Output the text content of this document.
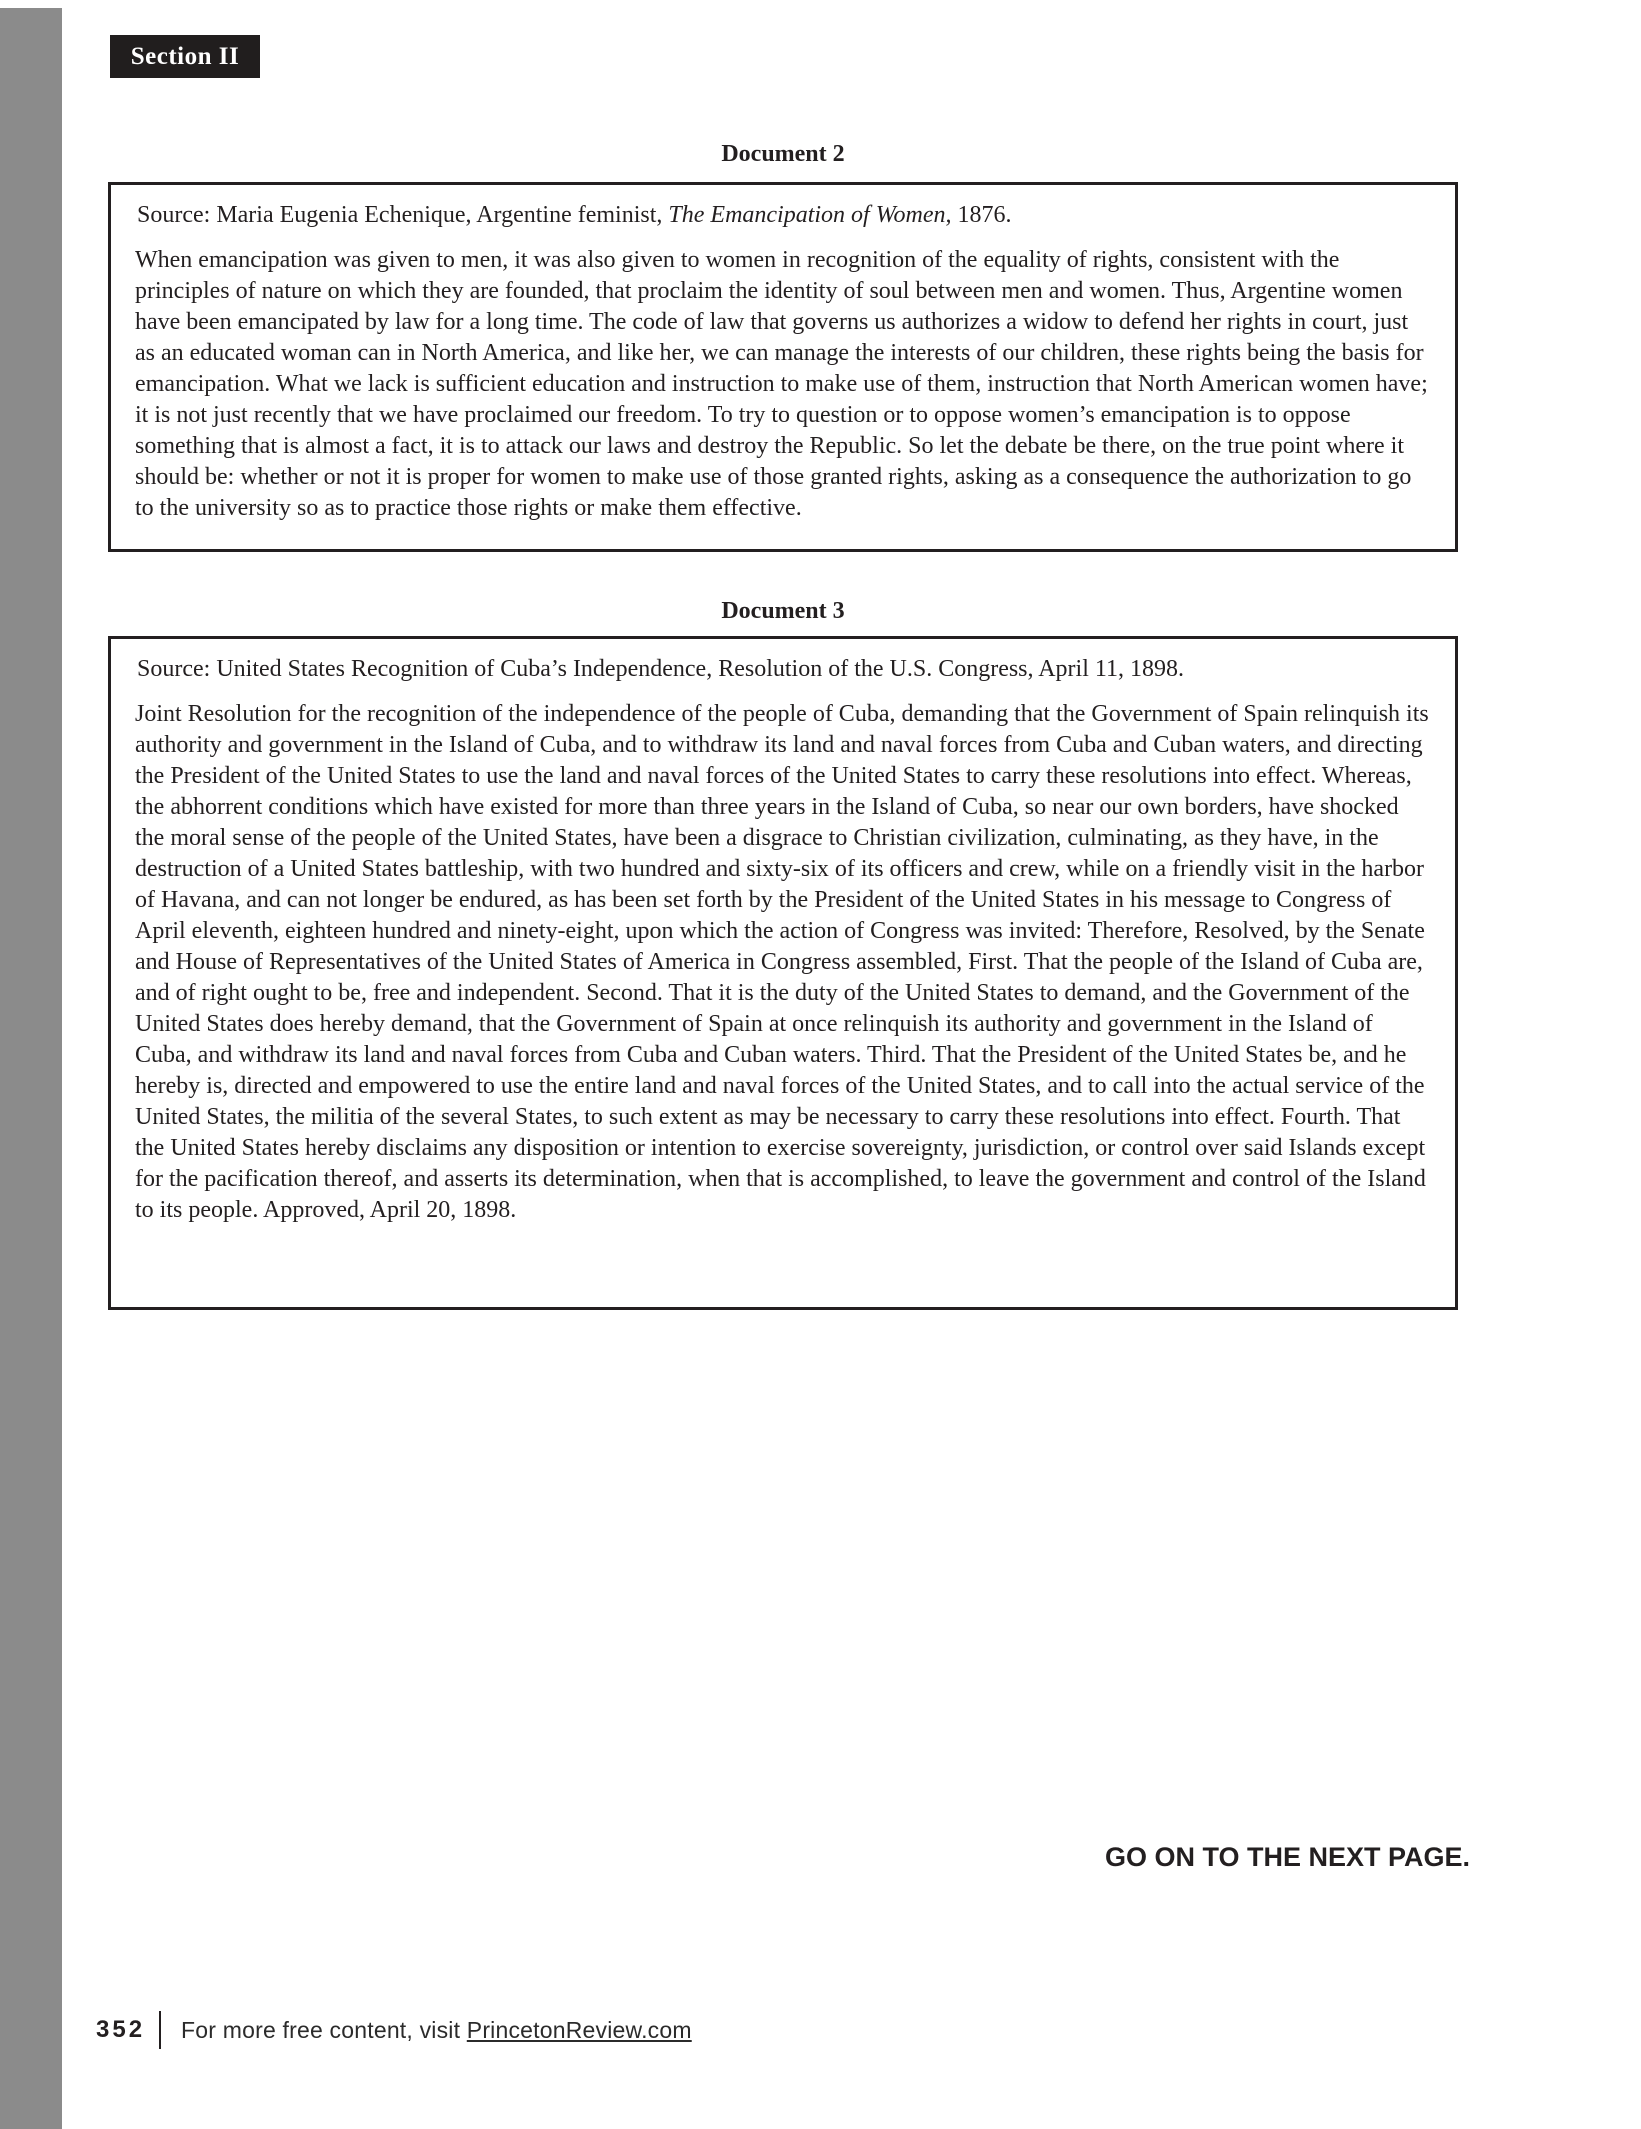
Section II
Document 2

Source: Maria Eugenia Echenique, Argentine feminist, The Emancipation of Women, 1876.

When emancipation was given to men, it was also given to women in recognition of the equality of rights, consistent with the principles of nature on which they are founded, that proclaim the identity of soul between men and women. Thus, Argentine women have been emancipated by law for a long time. The code of law that governs us authorizes a widow to defend her rights in court, just as an educated woman can in North America, and like her, we can manage the interests of our children, these rights being the basis for emancipation. What we lack is sufficient education and instruction to make use of them, instruction that North American women have; it is not just recently that we have proclaimed our freedom. To try to question or to oppose women’s emancipation is to oppose something that is almost a fact, it is to attack our laws and destroy the Republic. So let the debate be there, on the true point where it should be: whether or not it is proper for women to make use of those granted rights, asking as a consequence the authorization to go to the university so as to practice those rights or make them effective.

Document 3

Source: United States Recognition of Cuba’s Independence, Resolution of the U.S. Congress, April 11, 1898.

Joint Resolution for the recognition of the independence of the people of Cuba, demanding that the Government of Spain relinquish its authority and government in the Island of Cuba, and to withdraw its land and naval forces from Cuba and Cuban waters, and directing the President of the United States to use the land and naval forces of the United States to carry these resolutions into effect. Whereas, the abhorrent conditions which have existed for more than three years in the Island of Cuba, so near our own borders, have shocked the moral sense of the people of the United States, have been a disgrace to Christian civilization, culminating, as they have, in the destruction of a United States battleship, with two hundred and sixty-six of its officers and crew, while on a friendly visit in the harbor of Havana, and can not longer be endured, as has been set forth by the President of the United States in his message to Congress of April eleventh, eighteen hundred and ninety-eight, upon which the action of Congress was invited: Therefore, Resolved, by the Senate and House of Representatives of the United States of America in Congress assembled, First. That the people of the Island of Cuba are, and of right ought to be, free and independent. Second. That it is the duty of the United States to demand, and the Government of the United States does hereby demand, that the Government of Spain at once relinquish its authority and government in the Island of Cuba, and withdraw its land and naval forces from Cuba and Cuban waters. Third. That the President of the United States be, and he hereby is, directed and empowered to use the entire land and naval forces of the United States, and to call into the actual service of the United States, the militia of the several States, to such extent as may be necessary to carry these resolutions into effect. Fourth. That the United States hereby disclaims any disposition or intention to exercise sovereignty, jurisdiction, or control over said Islands except for the pacification thereof, and asserts its determination, when that is accomplished, to leave the government and control of the Island to its people. Approved, April 20, 1898.

GO ON TO THE NEXT PAGE.
352 For more free content, visit PrincetonReview.com
